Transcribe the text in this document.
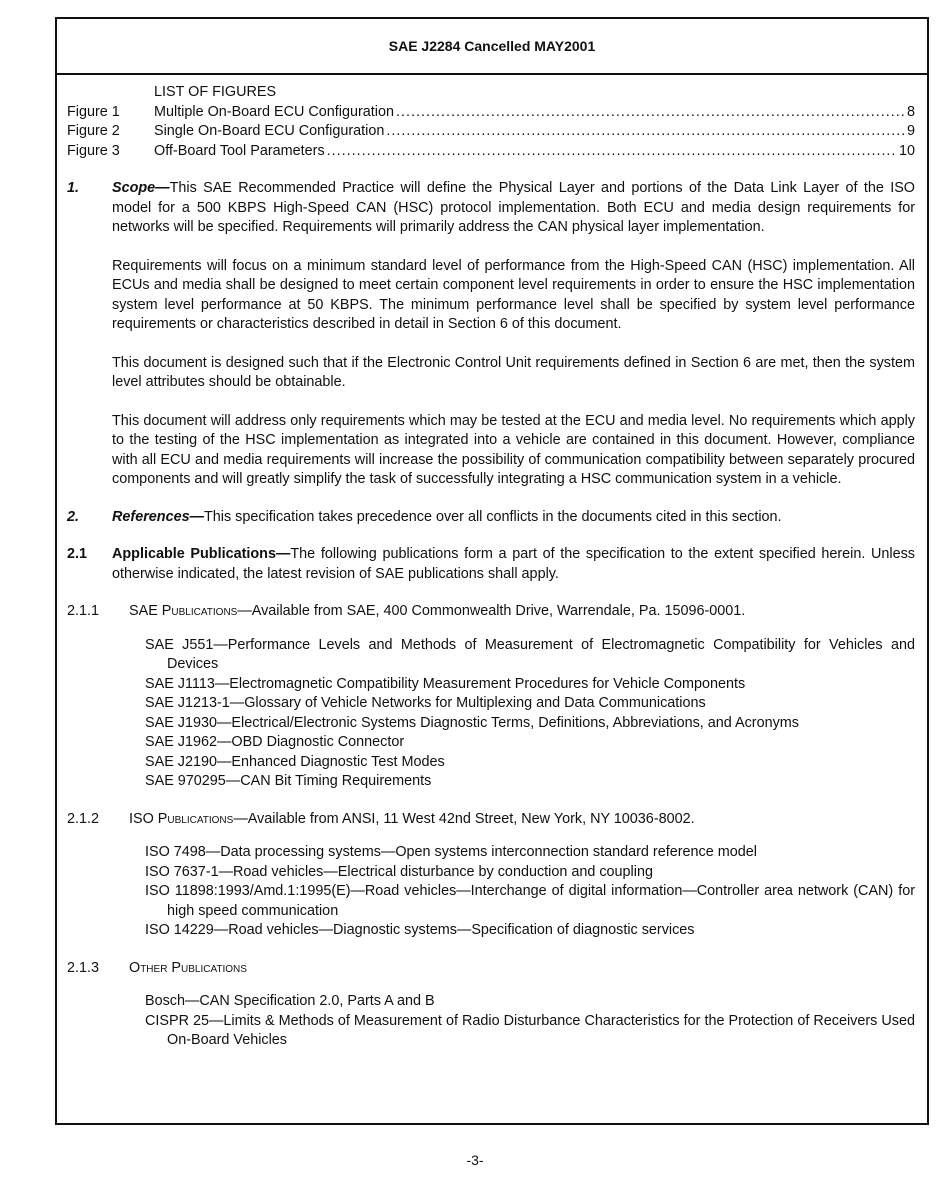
SAE J2284 Cancelled MAY2001
LIST OF FIGURES
Figure 1	Multiple On-Board ECU Configuration .....	8
Figure 2	Single On-Board ECU Configuration .....	9
Figure 3	Off-Board Tool Parameters .....	10
1.	Scope—This SAE Recommended Practice will define the Physical Layer and portions of the Data Link Layer of the ISO model for a 500 KBPS High-Speed CAN (HSC) protocol implementation. Both ECU and media design requirements for networks will be specified. Requirements will primarily address the CAN physical layer implementation.

Requirements will focus on a minimum standard level of performance from the High-Speed CAN (HSC) implementation. All ECUs and media shall be designed to meet certain component level requirements in order to ensure the HSC implementation system level performance at 50 KBPS. The minimum performance level shall be specified by system level performance requirements or characteristics described in detail in Section 6 of this document.

This document is designed such that if the Electronic Control Unit requirements defined in Section 6 are met, then the system level attributes should be obtainable.

This document will address only requirements which may be tested at the ECU and media level. No requirements which apply to the testing of the HSC implementation as integrated into a vehicle are contained in this document. However, compliance with all ECU and media requirements will increase the possibility of communication compatibility between separately procured components and will greatly simplify the task of successfully integrating a HSC communication system in a vehicle.

2.	References—This specification takes precedence over all conflicts in the documents cited in this section.
2.1	Applicable Publications—The following publications form a part of the specification to the extent specified herein. Unless otherwise indicated, the latest revision of SAE publications shall apply.
2.1.1	SAE Publications—Available from SAE, 400 Commonwealth Drive, Warrendale, Pa. 15096-0001.
SAE J551—Performance Levels and Methods of Measurement of Electromagnetic Compatibility for Vehicles and Devices
SAE J1113—Electromagnetic Compatibility Measurement Procedures for Vehicle Components
SAE J1213-1—Glossary of Vehicle Networks for Multiplexing and Data Communications
SAE J1930—Electrical/Electronic Systems Diagnostic Terms, Definitions, Abbreviations, and Acronyms
SAE J1962—OBD Diagnostic Connector
SAE J2190—Enhanced Diagnostic Test Modes
SAE 970295—CAN Bit Timing Requirements
2.1.2	ISO Publications—Available from ANSI, 11 West 42nd Street, New York, NY 10036-8002.
ISO 7498—Data processing systems—Open systems interconnection standard reference model
ISO 7637-1—Road vehicles—Electrical disturbance by conduction and coupling
ISO 11898:1993/Amd.1:1995(E)—Road vehicles—Interchange of digital information—Controller area network (CAN) for high speed communication
ISO 14229—Road vehicles—Diagnostic systems—Specification of diagnostic services
2.1.3	Other Publications
Bosch—CAN Specification 2.0, Parts A and B
CISPR 25—Limits & Methods of Measurement of Radio Disturbance Characteristics for the Protection of Receivers Used On-Board Vehicles
-3-
